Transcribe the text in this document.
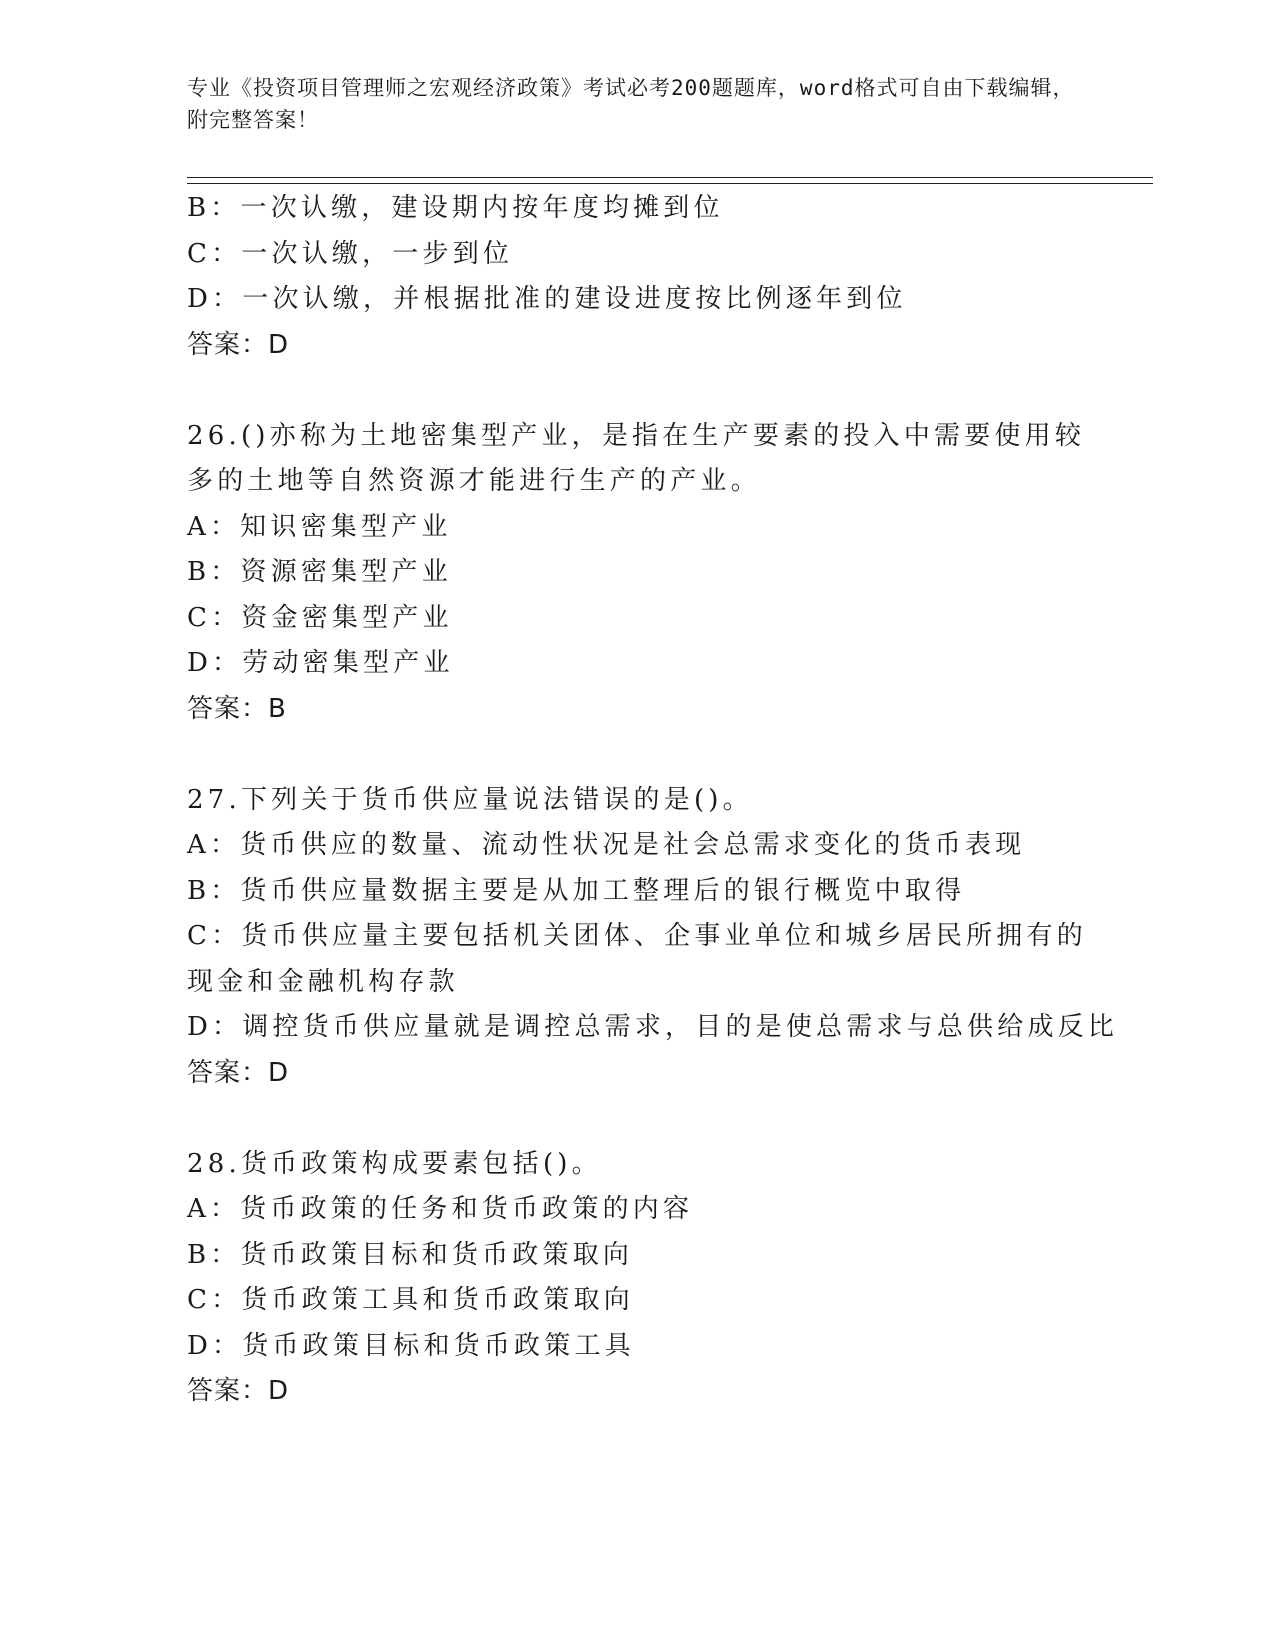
专业《投资项目管理师之宏观经济政策》考试必考200题题库，word格式可自由下载编辑，附完整答案！
B：一次认缴，建设期内按年度均摊到位
C：一次认缴，一步到位
D：一次认缴，并根据批准的建设进度按比例逐年到位
答案：D
26.()亦称为土地密集型产业，是指在生产要素的投入中需要使用较多的土地等自然资源才能进行生产的产业。
A：知识密集型产业
B：资源密集型产业
C：资金密集型产业
D：劳动密集型产业
答案：B
27.下列关于货币供应量说法错误的是()。
A：货币供应的数量、流动性状况是社会总需求变化的货币表现
B：货币供应量数据主要是从加工整理后的银行概览中取得
C：货币供应量主要包括机关团体、企事业单位和城乡居民所拥有的现金和金融机构存款
D：调控货币供应量就是调控总需求，目的是使总需求与总供给成反比
答案：D
28.货币政策构成要素包括()。
A：货币政策的任务和货币政策的内容
B：货币政策目标和货币政策取向
C：货币政策工具和货币政策取向
D：货币政策目标和货币政策工具
答案：D
